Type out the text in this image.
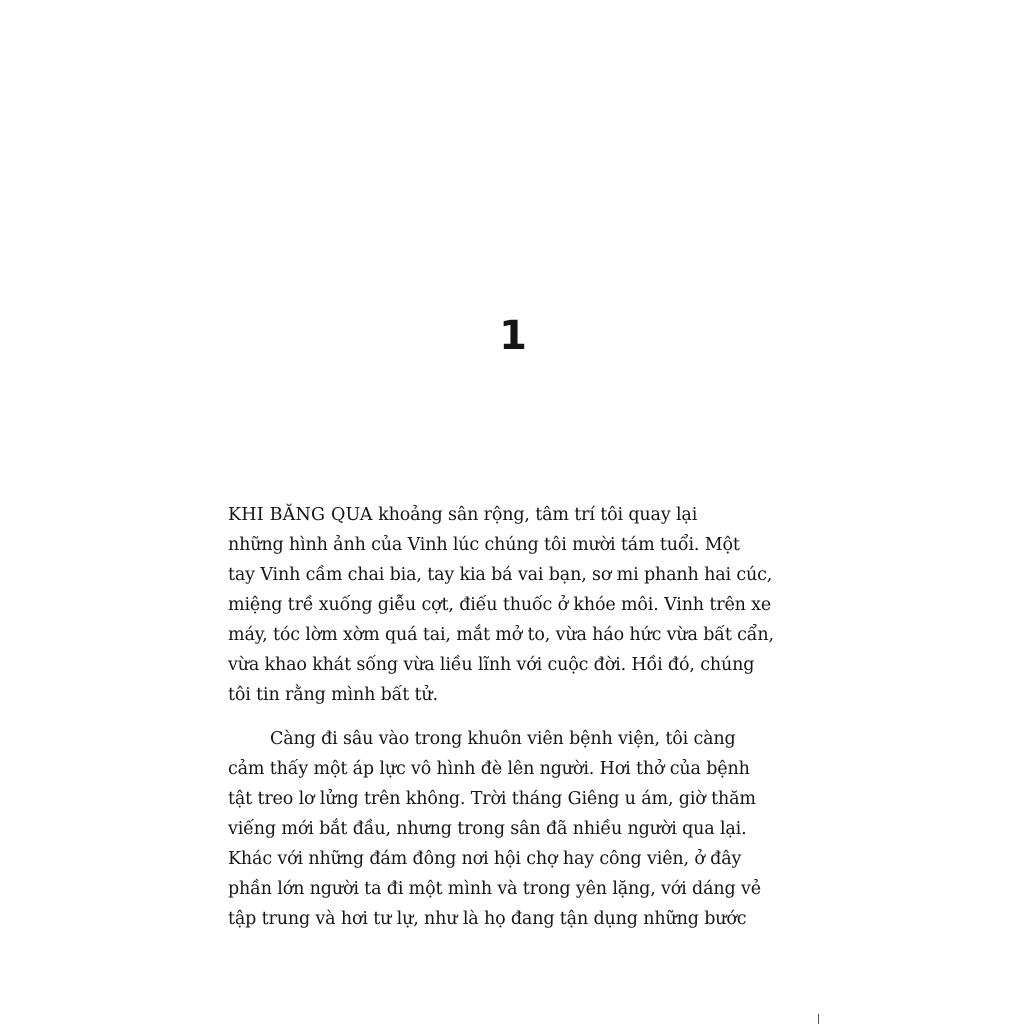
1
KHI BĂNG QUA khoảng sân rộng, tâm trí tôi quay lại
những hình ảnh của Vinh lúc chúng tôi mười tám tuổi. Một
tay Vinh cầm chai bia, tay kia bá vai bạn, sơ mi phanh hai cúc,
miệng trề xuống giễu cợt, điếu thuốc ở khóe môi. Vinh trên xe
máy, tóc lờm xờm quá tai, mắt mở to, vừa háo hức vừa bất cẩn,
vừa khao khát sống vừa liều lĩnh với cuộc đời. Hồi đó, chúng
tôi tin rằng mình bất tử.
Càng đi sâu vào trong khuôn viên bệnh viện, tôi càng
cảm thấy một áp lực vô hình đè lên người. Hơi thở của bệnh
tật treo lơ lửng trên không. Trời tháng Giêng u ám, giờ thăm
viếng mới bắt đầu, nhưng trong sân đã nhiều người qua lại.
Khác với những đám đông nơi hội chợ hay công viên, ở đây
phần lớn người ta đi một mình và trong yên lặng, với dáng vẻ
tập trung và hơi tư lự, như là họ đang tận dụng những bước
